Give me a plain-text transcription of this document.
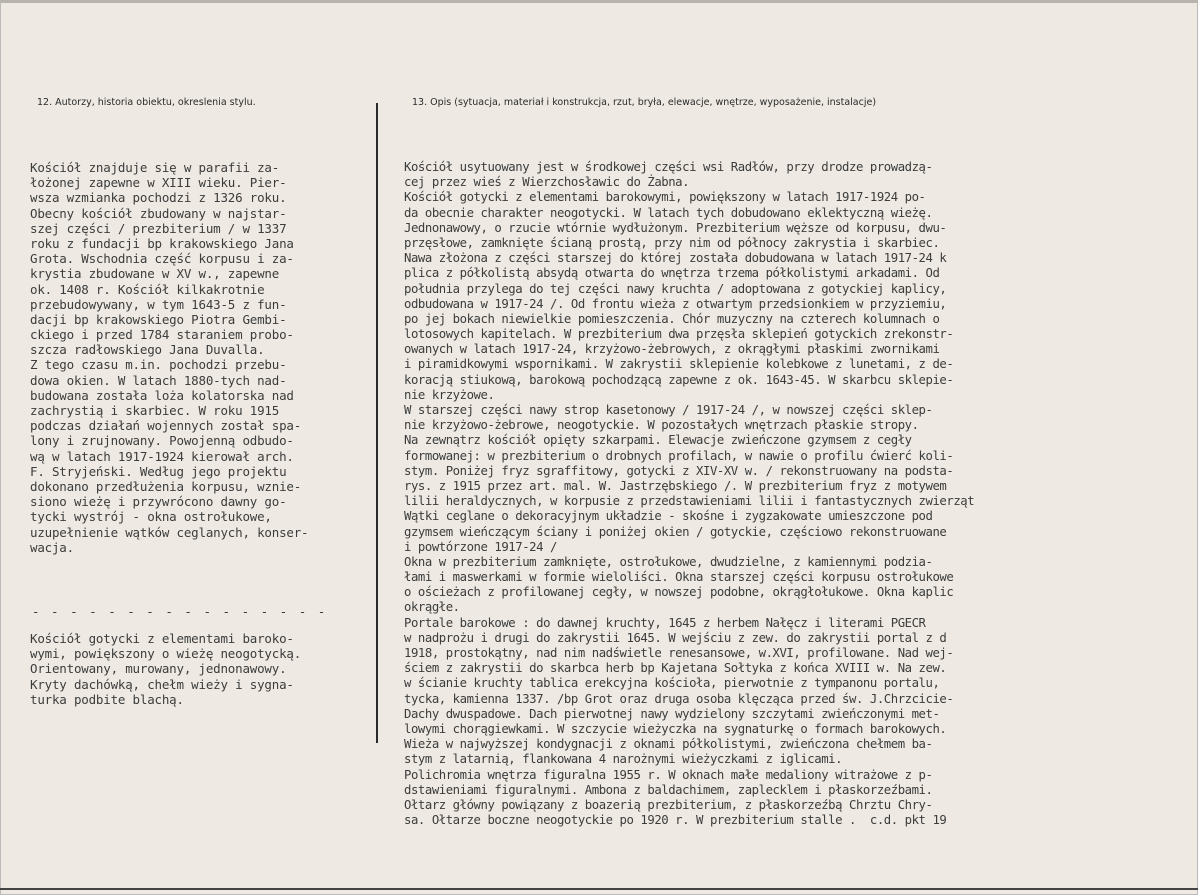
12. Autorzy, historia obiektu, okreslenia stylu.	13. Opis (sytuacja, materiał i konstrukcja, rzut, bryła, elewacje, wnętrze, wyposażenie, instalacje)
Kościół znajduje się w parafii za-
łożonej zapewne w XIII wieku. Pier-
wsza wzmianka pochodzi z 1326 roku.
Obecny kościół zbudowany w najstar-
szej części / prezbiterium / w 1337
roku z fundacji bp krakowskiego Jana
Grota. Wschodnia część korpusu i za-
krystia zbudowane w XV w., zapewne
ok. 1408 r. Kościół kilkakrotnie
przebudowywany, w tym 1643-5 z fun-
dacji bp krakowskiego Piotra Gembi-
ckiego i przed 1784 staraniem probo-
szcza radłowskiego Jana Duvalla.
Z tego czasu m.in. pochodzi przebu-
dowa okien. W latach 1880-tych nad-
budowana została loża kolatorska nad
zachrystią i skarbiec. W roku 1915
podczas działań wojennych został spa-
lony i zrujnowany. Powojenną odbudo-
wą w latach 1917-1924 kierował arch.
F. Stryjeński. Według jego projektu
dokonano przedłużenia korpusu, wznie-
siono wieżę i przywrócono dawny go-
tycki wystrój - okna ostrołukowe,
uzupełnienie wątków ceglanych, konser-
wacja.
- - - - - - - - - - - - - - - -
Kościół gotycki z elementami baroko-
wymi, powiększony o wieżę neogotycką.
Orientowany, murowany, jednonawowy.
Kryty dachówką, chełm wieży i sygna-
turka podbite blachą.
Kościół usytuowany jest w środkowej części wsi Radłów, przy drodze prowadzą-
cej przez wieś z Wierzchosławic do Żabna.
Kościół gotycki z elementami barokowymi, powiększony w latach 1917-1924 po-
da obecnie charakter neogotycki. W latach tych dobudowano eklektyczną wieżę.
Jednonawowy, o rzucie wtórnie wydłużonym. Prezbiterium węższe od korpusu, dwu-
przęsłowe, zamknięte ścianą prostą, przy nim od północy zakrystia i skarbiec.
Nawa złożona z części starszej do której została dobudowana w latach 1917-24 k
plica z półkolistą absydą otwarta do wnętrza trzema półkolistymi arkadami. Od
południa przylega do tej części nawy kruchta / adoptowana z gotyckiej kaplicy,
odbudowana w 1917-24 /. Od frontu wieża z otwartym przedsionkiem w przyziemiu,
po jej bokach niewielkie pomieszczenia. Chór muzyczny na czterech kolumnach o
lotosowych kapitelach. W prezbiterium dwa przęsła sklepień gotyckich zrekonstr-
owanych w latach 1917-24, krzyżowo-żebrowych, z okrągłymi płaskimi zwornikami
i piramidkowymi wspornikami. W zakrystii sklepienie kolebkowe z lunetami, z de-
koracją stiukową, barokową pochodzącą zapewne z ok. 1643-45. W skarbcu sklepie-
nie krzyżowe.
W starszej części nawy strop kasetonowy / 1917-24 /, w nowszej części sklep-
nie krzyżowo-żebrowe, neogotyckie. W pozostałych wnętrzach płaskie stropy.
Na zewnątrz kościół opięty szkarpami. Elewacje zwieńczone gzymsem z cegły
formowanej: w prezbiterium o drobnych profilach, w nawie o profilu ćwierć koli-
stym. Poniżej fryz sgraffitowy, gotycki z XIV-XV w. / rekonstruowany na podsta-
rys. z 1915 przez art. mal. W. Jastrzębskiego /. W prezbiterium fryz z motywem
lilii heraldycznych, w korpusie z przedstawieniami lilii i fantastycznych zwierząt
Wątki ceglane o dekoracyjnym układzie - skośne i zygzakowate umieszczone pod
gzymsem wieńczącym ściany i poniżej okien / gotyckie, częściowo rekonstruowane
i powtórzone 1917-24 /
Okna w prezbiterium zamknięte, ostrołukowe, dwudzielne, z kamiennymi podzia-
łami i maswerkami w formie wieloliści. Okna starszej części korpusu ostrołukowe
o ościeżach z profilowanej cegły, w nowszej podobne, okrągłołukowe. Okna kaplic
okrągłe.
Portale barokowe : do dawnej kruchty, 1645 z herbem Nałęcz i literami PGECR
w nadprożu i drugi do zakrystii 1645. W wejściu z zew. do zakrystii portal z d
1918, prostokątny, nad nim nadświetle renesansowe, w.XVI, profilowane. Nad wej-
ściem z zakrystii do skarbca herb bp Kajetana Sołtyka z końca XVIII w. Na zew.
w ścianie kruchty tablica erekcyjna kościoła, pierwotnie z tympanonu portalu,
tycka, kamienna 1337. /bp Grot oraz druga osoba klęcząca przed św. J.Chrzcicie-
Dachy dwuspadowe. Dach pierwotnej nawy wydzielony szczytami zwieńczonymi met-
lowymi chorągiewkami. W szczycie wieżyczka na sygnaturkę o formach barokowych.
Wieża w najwyższej kondygnacji z oknami półkolistymi, zwieńczona chełmem ba-
stym z latarnią, flankowana 4 narożnymi wieżyczkami z iglicami.
Polichromia wnętrza figuralna 1955 r. W oknach małe medaliony witrażowe z p-
dstawieniami figuralnymi. Ambona z baldachimem, zaplecklem i płaskorzeźbami.
Ołtarz główny powiązany z boazerią prezbiterium, z płaskorzeźbą Chrztu Chry-
sa. Ołtarze boczne neogotyckie po 1920 r. W prezbiterium stalle .  c.d. pkt 19
